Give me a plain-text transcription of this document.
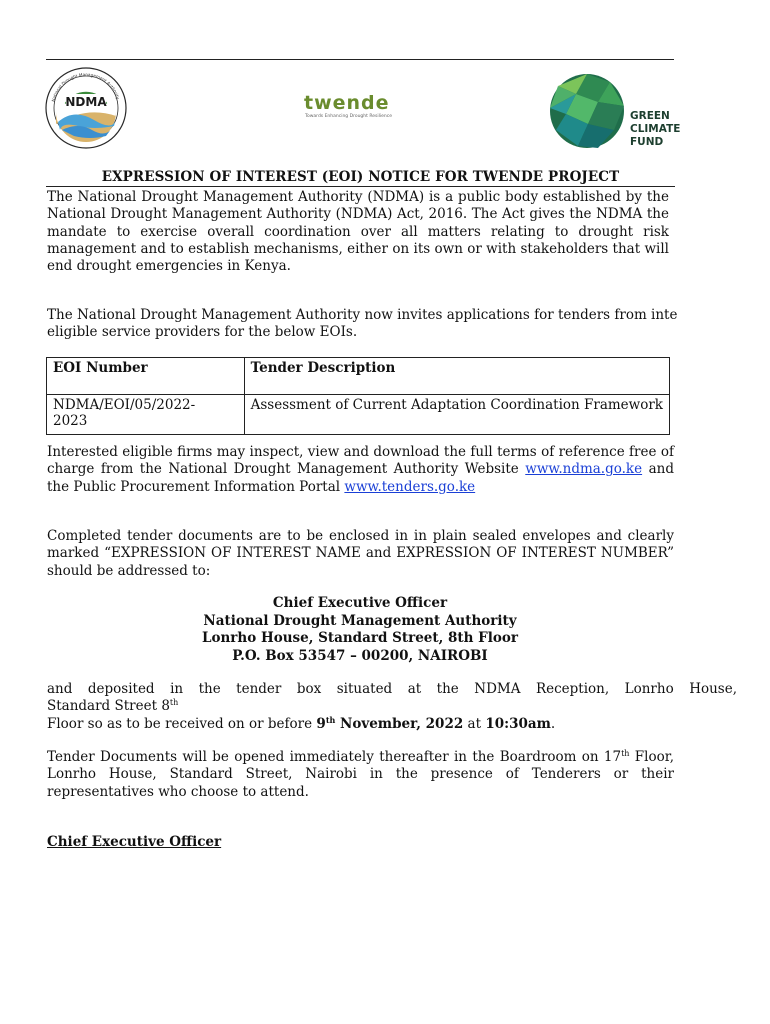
NDMA
National Drought Management Authority	twende
Towards Enhancing Drought Resilience	GREEN
CLIMATE
FUND
EXPRESSION OF INTEREST (EOI) NOTICE FOR TWENDE PROJECT

The National Drought Management Authority (NDMA) is a public body established by the National Drought Management Authority (NDMA) Act, 2016. The Act gives the NDMA the mandate to exercise overall coordination over all matters relating to drought risk management and to establish mechanisms, either on its own or with stakeholders that will end drought emergencies in Kenya.

The National Drought Management Authority now invites applications for tenders from inte
eligible service providers for the below EOIs.

EOI Number	Tender Description

NDMA/EOI/05/2022-
2023	Assessment of Current Adaptation Coordination Framework

Interested eligible firms may inspect, view and download the full terms of reference free of charge from the National Drought Management Authority Website www.ndma.go.ke and the Public Procurement Information Portal www.tenders.go.ke

Completed tender documents are to be enclosed in in plain sealed envelopes and clearly marked “EXPRESSION OF INTEREST NAME and EXPRESSION OF INTEREST NUMBER” should be addressed to:

Chief Executive Officer
National Drought Management Authority
Lonrho House, Standard Street, 8th Floor
P.O. Box 53547 – 00200, NAIROBI

and deposited in the tender box situated at the NDMA Reception, Lonrho House,
Standard Street 8th
Floor so as to be received on or before 9th November, 2022 at 10:30am.

Tender Documents will be opened immediately thereafter in the Boardroom on 17th Floor, Lonrho House, Standard Street, Nairobi in the presence of Tenderers or their representatives who choose to attend.

Chief Executive Officer
